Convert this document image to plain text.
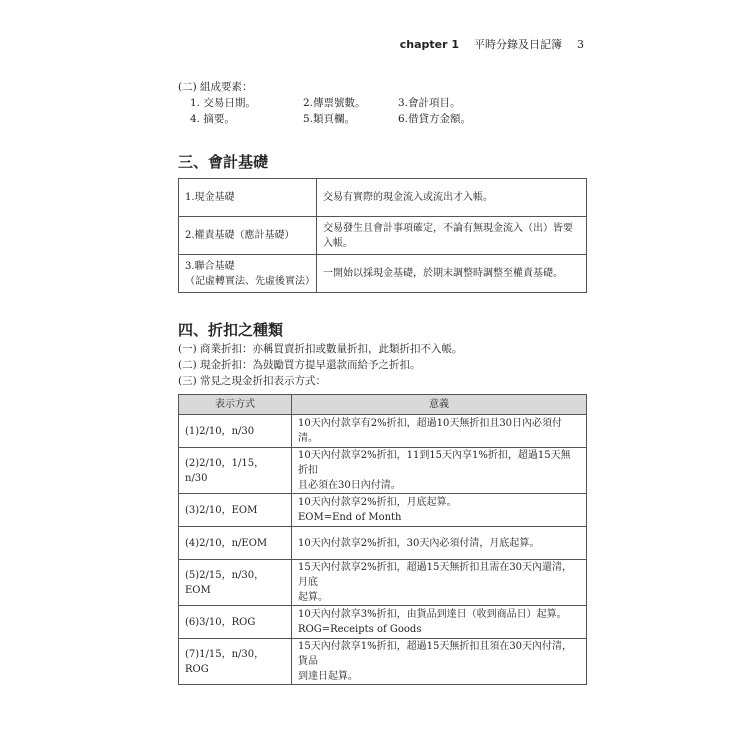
chapter 1 平時分錄及日記簿 3
(二) 組成要素：
1. 交易日期。	2.傳票號數。	3.會計項目。
4. 摘要。	5.類頁欄。	6.借貸方金額。
三、會計基礎
1.現金基礎	交易有實際的現金流入或流出才入帳。

2.權責基礎（應計基礎）	交易發生且會計事項確定，不論有無現金流入（出）皆要
入帳。
3.聯合基礎
（記虛轉實法、先虛後實法）	一開始以採現金基礎，於期末調整時調整至權責基礎。

四、折扣之種類
(一) 商業折扣：亦稱買賣折扣或數量折扣，此類折扣不入帳。
(二) 現金折扣：為鼓勵買方提早還款而給予之折扣。
(三) 常見之現金折扣表示方式：
表示方式	意義
(1)2/10，n/30	10天內付款享有2%折扣，超過10天無折扣且30日內必須付清。

(2)2/10，1/15，n/30	10天內付款享2%折扣，11到15天內享1%折扣，超過15天無折扣
且必須在30日內付清。
(3)2/10，EOM	10天內付款享2%折扣，月底起算。
EOM=End of Month
(4)2/10，n/EOM	10天內付款享2%折扣，30天內必須付清，月底起算。

(5)2/15，n/30，EOM	15天內付款享2%折扣，超過15天無折扣且需在30天內還清，月底
起算。
(6)3/10，ROG	10天內付款享3%折扣，由貨品到達日（收到商品日）起算。
ROG=Receipts of Goods
(7)1/15，n/30，ROG	15天內付款享1%折扣，超過15天無折扣且須在30天內付清，貨品
到達日起算。
